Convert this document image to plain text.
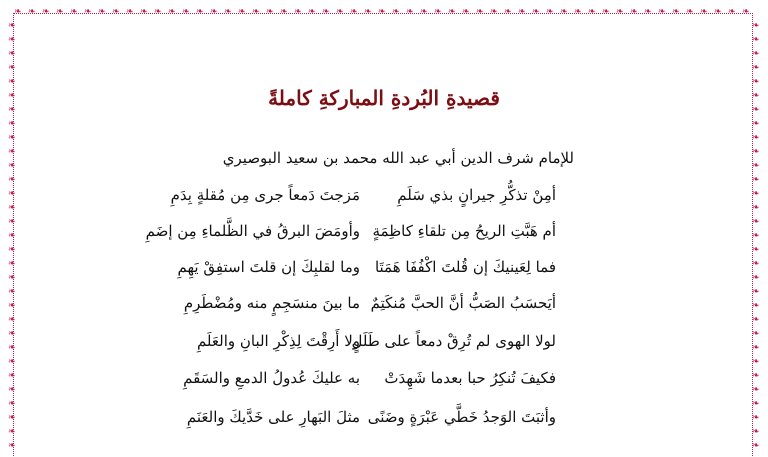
❧ ❧ ❧ ❧ ❧ ❧ ❧ ❧ ❧ ❧ ❧ ❧ ❧ ❧ ❧ ❧ ❧ ❧ ❧ ❧ ❧ ❧ ❧ ❧ ❧ ❧ ❧ ❧ ❧ ❧ ❧ ❧ ❧ ❧ ❧ ❧ ❧ ❧ ❧ ❧ ❧ ❧ ❧ ❧ ❧ ❧ ❧ ❧ ❧ ❧ ❧ ❧ ❧
❧	❧
❧	❧
❧	❧
❧	❧
❧	❧
❧	❧
❧	❧
❧	❧
❧	❧
❧	❧
❧	❧
❧	❧
❧	❧
❧	❧
❧	❧
❧	❧
❧	❧
❧	❧
❧	❧
❧	❧
❧	❧
❧	❧
❧	❧
❧	❧
❧	❧
❧	❧
❧	❧
❧	❧
❧	❧
❧	❧
❧	❧
قصيدةِ البُردةِ المباركةِ كاملةً
للإمام شرف الدين أبي عبد الله محمد بن سعيد البوصيري
أمِنْ تذكُّرِ جيرانٍ بذي سَلَمِ
مَزجتَ دَمعاً جرى مِن مُقلةٍ بِدَمِ
أم هَبَّتِ الريحُ مِن تلقاءِ كاظِمَةٍ
وأومَضَ البرقُ في الظَّلماءِ مِن إضَمِ
فما لِعَينيكَ إن قُلتَ اكْفُفَا هَمَتَا
وما لقلبِكَ إن قلتَ استفِقْ يَهِمِ
أيَحسَبُ الصَبُّ أنَّ الحبَّ مُنكَتِمٌ
ما بينَ منسَجِمٍ منه ومُضْطَرِمِ
لولا الهوى لم تُرِقْ دمعاً على طَلَلٍ
ولا أَرِقْتَ لِذِكْرِ البانِ والعَلَمِ
فكيفَ تُنكِرُ حبا بعدما شَهِدَتْ
به عليكَ عُدولُ الدمعِ والسَقَمِ
وأثبَتَ الوَجدُ خَطَّي عَبْرَةٍ وضَنًى
مثلَ البَهارِ على خَدَّيكَ والعَنَمِ
